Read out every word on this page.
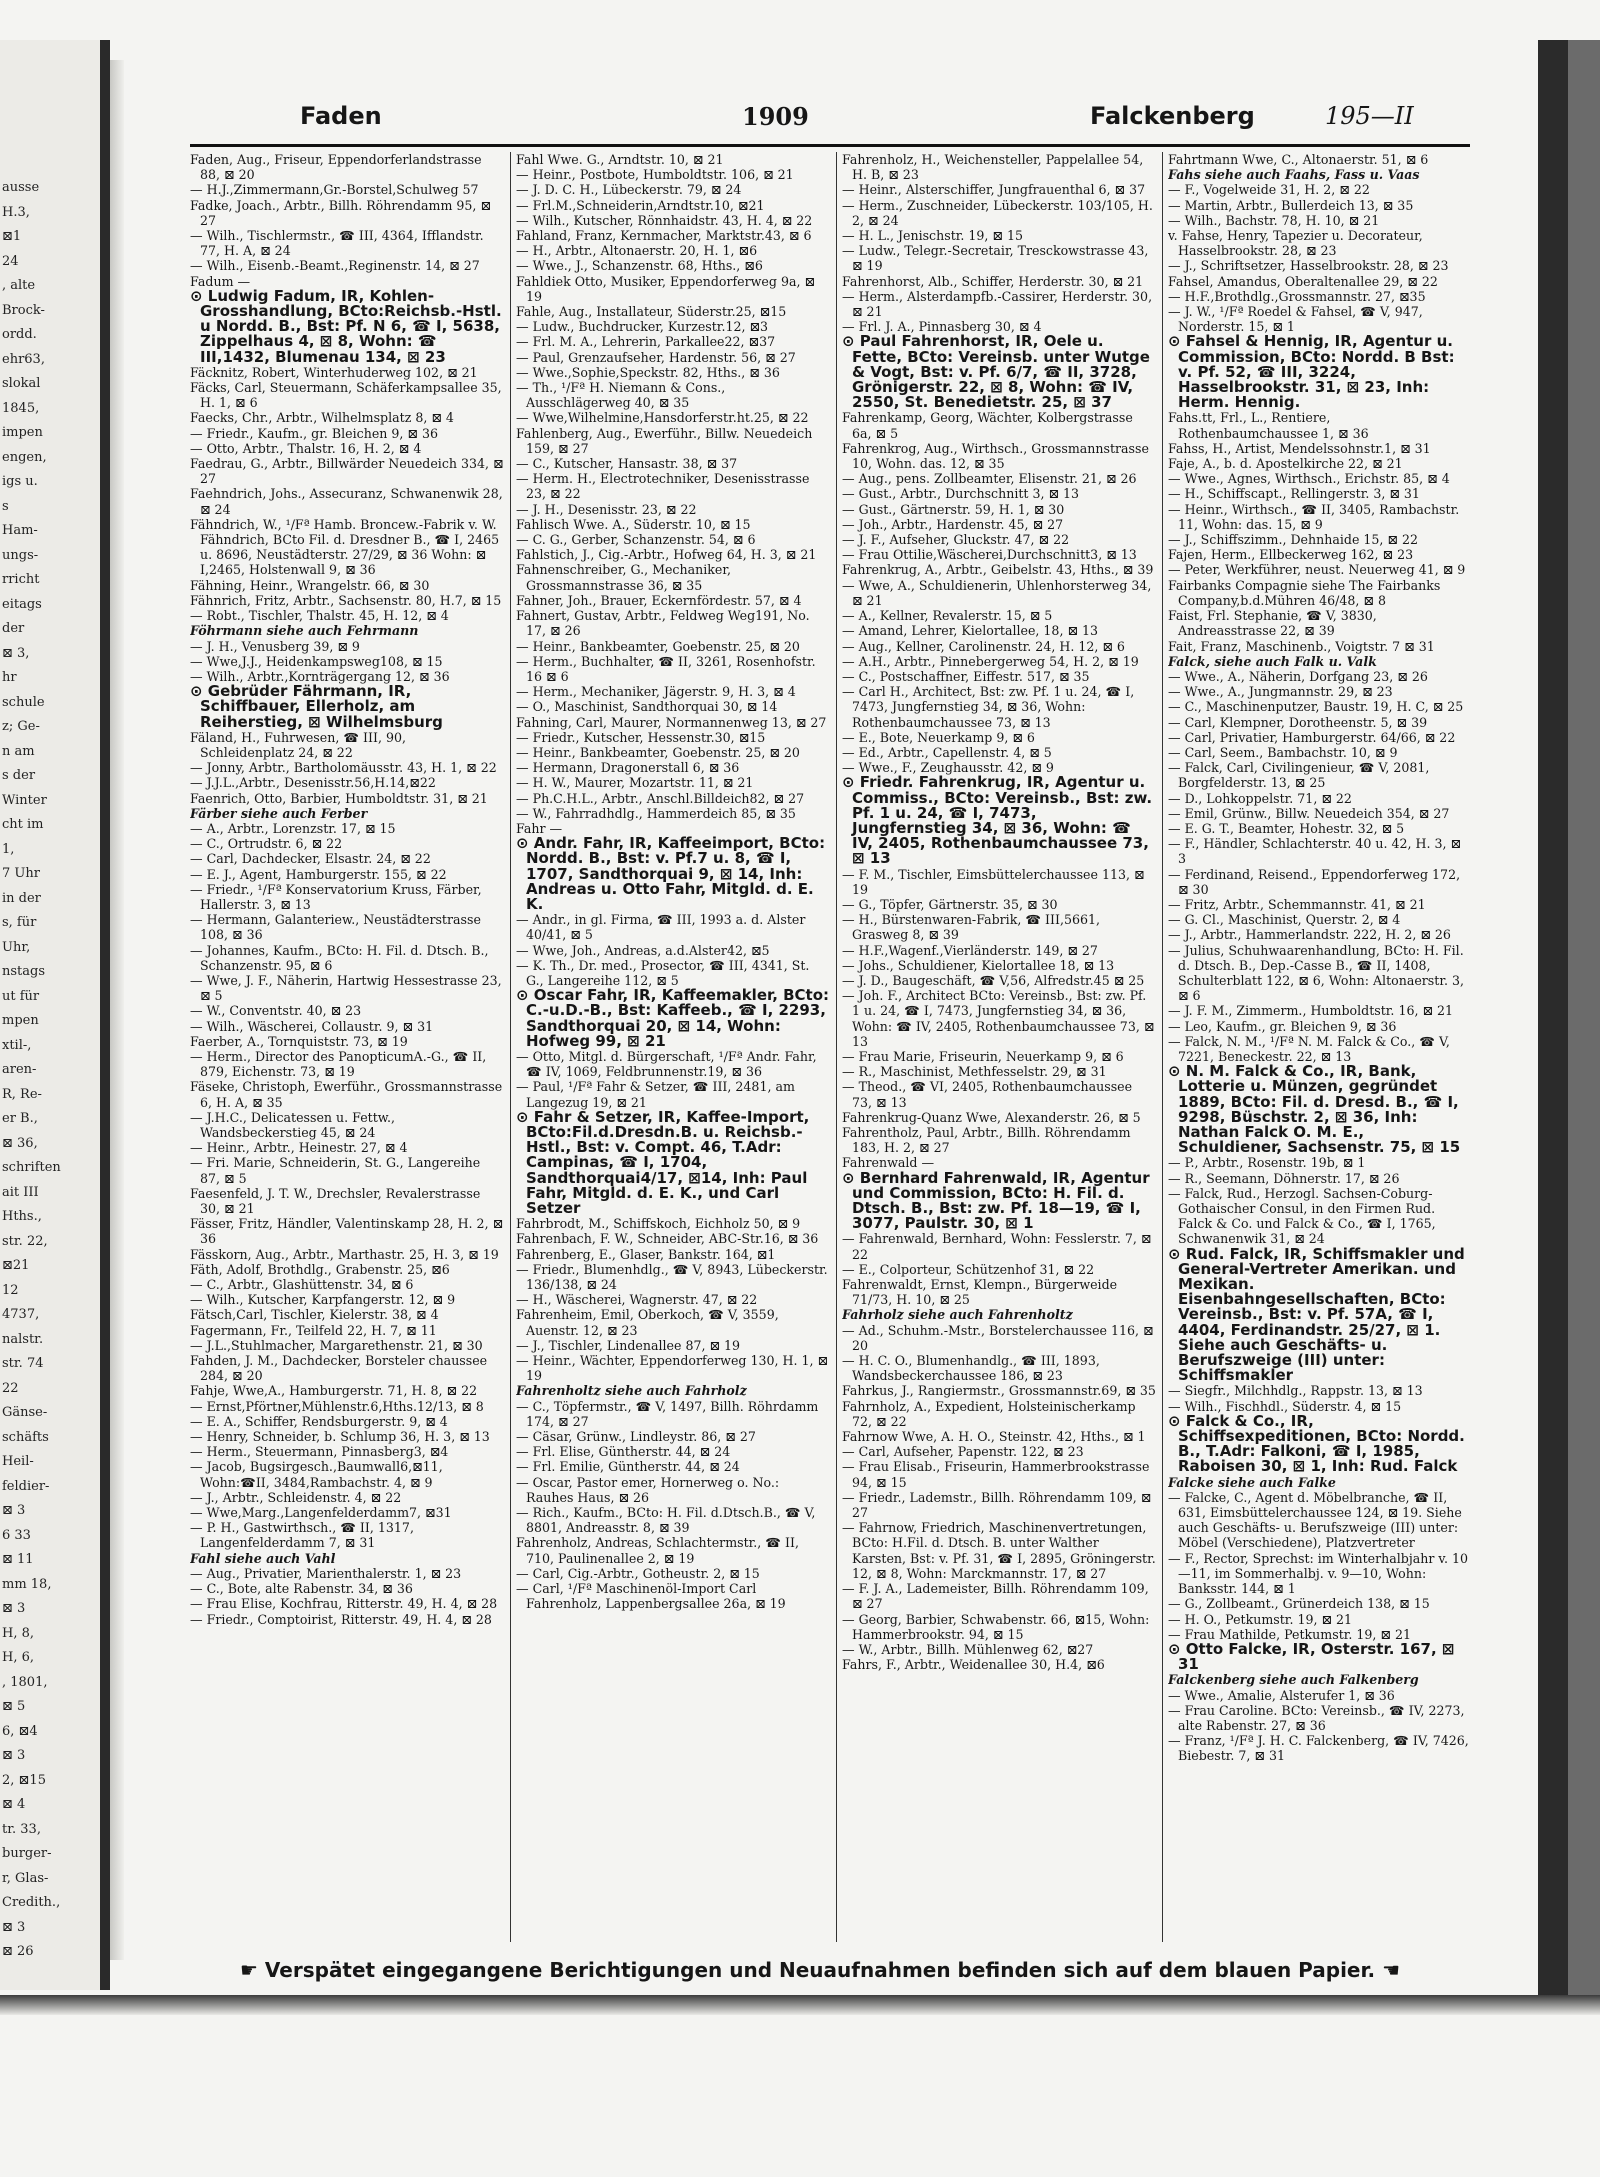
ausse
H.3,
⊠1
24
, alte
Brock-
ordd.
ehr63,
slokal
1845,
impen
engen,
igs u.
s
Ham-
ungs-
rricht
eitags
der
⊠ 3,
hr
schule
z; Ge-
n am
s der
Winter
cht im
1,
7 Uhr
in der
s, für
Uhr,
nstags
ut für
mpen
xtil-,
aren-
R, Re-
er B.,
⊠ 36,
schriften
ait III
Hths.,
str. 22,
⊠21
12
4737,
nalstr.
str. 74
22
Gänse-
schäfts
Heil-
feldier-
⊠ 3
6 33
⊠ 11
mm 18,
⊠ 3
H, 8,
H, 6,
, 1801,
⊠ 5
6, ⊠4
⊠ 3
2, ⊠15
⊠ 4
tr. 33,
burger-
r, Glas-
Credith.,
⊠ 3
⊠ 26
Faden	1909	Falckenberg	195—II

Faden, Aug., Friseur, Eppendorferlandstrasse 88, ⊠ 20

— H.J.,Zimmermann,Gr.-Borstel,Schulweg 57

Fadke, Joach., Arbtr., Billh. Röhrendamm 95, ⊠ 27

— Wilh., Tischlermstr., ☎ III, 4364, Ifflandstr. 77, H. A, ⊠ 24

— Wilh., Eisenb.-Beamt.,Reginenstr. 14, ⊠ 27

Fadum —

⊙ Ludwig Fadum, IR, Kohlen-Grosshandlung, BCto:Reichsb.-Hstl. u Nordd. B., Bst: Pf. N 6, ☎ I, 5638, Zippelhaus 4, ⊠ 8, Wohn: ☎ III,1432, Blumenau 134, ⊠ 23

Fäcknitz, Robert, Winterhuderweg 102, ⊠ 21

Fäcks, Carl, Steuermann, Schäferkampsallee 35, H. 1, ⊠ 6

Faecks, Chr., Arbtr., Wilhelmsplatz 8, ⊠ 4

— Friedr., Kaufm., gr. Bleichen 9, ⊠ 36

— Otto, Arbtr., Thalstr. 16, H. 2, ⊠ 4

Faedrau, G., Arbtr., Billwärder Neuedeich 334, ⊠ 27

Faehndrich, Johs., Assecuranz, Schwanenwik 28, ⊠ 24

Fähndrich, W., ¹/Fª Hamb. Broncew.-Fabrik v. W. Fähndrich, BCto Fil. d. Dresdner B., ☎ I, 2465 u. 8696, Neustädterstr. 27/29, ⊠ 36 Wohn: ⊠ I,2465, Holstenwall 9, ⊠ 36

Fähning, Heinr., Wrangelstr. 66, ⊠ 30

Fähnrich, Fritz, Arbtr., Sachsenstr. 80, H.7, ⊠ 15

— Robt., Tischler, Thalstr. 45, H. 12, ⊠ 4

Föhrmann siehe auch Fehrmann

— J. H., Venusberg 39, ⊠ 9

— Wwe,J.J., Heidenkampsweg108, ⊠ 15

— Wilh., Arbtr.,Kornträgergang 12, ⊠ 36

⊙ Gebrüder Fährmann, IR, Schiffbauer, Ellerholz, am Reiherstieg, ⊠ Wilhelmsburg

Fäland, H., Fuhrwesen, ☎ III, 90, Schleidenplatz 24, ⊠ 22

— Jonny, Arbtr., Bartholomäusstr. 43, H. 1, ⊠ 22

— J.J.L.,Arbtr., Desenisstr.56,H.14,⊠22

Faenrich, Otto, Barbier, Humboldtstr. 31, ⊠ 21

Färber siehe auch Ferber

— A., Arbtr., Lorenzstr. 17, ⊠ 15

— C., Ortrudstr. 6, ⊠ 22

— Carl, Dachdecker, Elsastr. 24, ⊠ 22

— E. J., Agent, Hamburgerstr. 155, ⊠ 22

— Friedr., ¹/Fª Konservatorium Kruss, Färber, Hallerstr. 3, ⊠ 13

— Hermann, Galanteriew., Neustädterstrasse 108, ⊠ 36

— Johannes, Kaufm., BCto: H. Fil. d. Dtsch. B., Schanzenstr. 95, ⊠ 6

— Wwe, J. F., Näherin, Hartwig Hessestrasse 23, ⊠ 5

— W., Conventstr. 40, ⊠ 23

— Wilh., Wäscherei, Collaustr. 9, ⊠ 31

Faerber, A., Tornquiststr. 73, ⊠ 19

— Herm., Director des PanopticumA.-G., ☎ II, 879, Eichenstr. 73, ⊠ 19

Fäseke, Christoph, Ewerführ., Grossmannstrasse 6, H. A, ⊠ 35

— J.H.C., Delicatessen u. Fettw., Wandsbeckerstieg 45, ⊠ 24

— Heinr., Arbtr., Heinestr. 27, ⊠ 4

— Fri. Marie, Schneiderin, St. G., Langereihe 87, ⊠ 5

Faesenfeld, J. T. W., Drechsler, Revalerstrasse 30, ⊠ 21

Fässer, Fritz, Händler, Valentinskamp 28, H. 2, ⊠ 36

Fässkorn, Aug., Arbtr., Marthastr. 25, H. 3, ⊠ 19

Fäth, Adolf, Brothdlg., Grabenstr. 25, ⊠6

— C., Arbtr., Glashüttenstr. 34, ⊠ 6

— Wilh., Kutscher, Karpfangerstr. 12, ⊠ 9

Fätsch,Carl, Tischler, Kielerstr. 38, ⊠ 4

Fagermann, Fr., Teilfeld 22, H. 7, ⊠ 11

— J.L.,Stuhlmacher, Margarethenstr. 21, ⊠ 30

Fahden, J. M., Dachdecker, Borsteler chaussee 284, ⊠ 20

Fahje, Wwe,A., Hamburgerstr. 71, H. 8, ⊠ 22

— Ernst,Pförtner,Mühlenstr.6,Hths.12/13, ⊠ 8

— E. A., Schiffer, Rendsburgerstr. 9, ⊠ 4

— Henry, Schneider, b. Schlump 36, H. 3, ⊠ 13

— Herm., Steuermann, Pinnasberg3, ⊠4

— Jacob, Bugsirgesch.,Baumwall6,⊠11, Wohn:☎II, 3484,Rambachstr. 4, ⊠ 9

— J., Arbtr., Schleidenstr. 4, ⊠ 22

— Wwe,Marg.,Langenfelderdamm7, ⊠31

— P. H., Gastwirthsch., ☎ II, 1317, Langenfelderdamm 7, ⊠ 31

Fahl siehe auch Vahl

— Aug., Privatier, Marienthalerstr. 1, ⊠ 23

— C., Bote, alte Rabenstr. 34, ⊠ 36

— Frau Elise, Kochfrau, Ritterstr. 49, H. 4, ⊠ 28

— Friedr., Comptoirist, Ritterstr. 49, H. 4, ⊠ 28

Fahl Wwe. G., Arndtstr. 10, ⊠ 21

— Heinr., Postbote, Humboldtstr. 106, ⊠ 21

— J. D. C. H., Lübeckerstr. 79, ⊠ 24

— Frl.M.,Schneiderin,Arndtstr.10, ⊠21

— Wilh., Kutscher, Rönnhaidstr. 43, H. 4, ⊠ 22

Fahland, Franz, Kernmacher, Marktstr.43, ⊠ 6

— H., Arbtr., Altonaerstr. 20, H. 1, ⊠6

— Wwe., J., Schanzenstr. 68, Hths., ⊠6

Fahldiek Otto, Musiker, Eppendorferweg 9a, ⊠ 19

Fahle, Aug., Installateur, Süderstr.25, ⊠15

— Ludw., Buchdrucker, Kurzestr.12, ⊠3

— Frl. M. A., Lehrerin, Parkallee22, ⊠37

— Paul, Grenzaufseher, Hardenstr. 56, ⊠ 27

— Wwe.,Sophie,Speckstr. 82, Hths., ⊠ 36

— Th., ¹/Fª H. Niemann & Cons., Ausschlägerweg 40, ⊠ 35

— Wwe,Wilhelmine,Hansdorferstr.ht.25, ⊠ 22

Fahlenberg, Aug., Ewerführ., Billw. Neuedeich 159, ⊠ 27

— C., Kutscher, Hansastr. 38, ⊠ 37

— Herm. H., Electrotechniker, Desenisstrasse 23, ⊠ 22

— J. H., Desenisstr. 23, ⊠ 22

Fahlisch Wwe. A., Süderstr. 10, ⊠ 15

— C. G., Gerber, Schanzenstr. 54, ⊠ 6

Fahlstich, J., Cig.-Arbtr., Hofweg 64, H. 3, ⊠ 21

Fahnenschreiber, G., Mechaniker, Grossmannstrasse 36, ⊠ 35

Fahner, Joh., Brauer, Eckernfördestr. 57, ⊠ 4

Fahnert, Gustav, Arbtr., Feldweg Weg191, No. 17, ⊠ 26

— Heinr., Bankbeamter, Goebenstr. 25, ⊠ 20

— Herm., Buchhalter, ☎ II, 3261, Rosenhofstr. 16 ⊠ 6

— Herm., Mechaniker, Jägerstr. 9, H. 3, ⊠ 4

— O., Maschinist, Sandthorquai 30, ⊠ 14

Fahning, Carl, Maurer, Normannenweg 13, ⊠ 27

— Friedr., Kutscher, Hessenstr.30, ⊠15

— Heinr., Bankbeamter, Goebenstr. 25, ⊠ 20

— Hermann, Dragonerstall 6, ⊠ 36

— H. W., Maurer, Mozartstr. 11, ⊠ 21

— Ph.C.H.L., Arbtr., Anschl.Billdeich82, ⊠ 27

— W., Fahrradhdlg., Hammerdeich 85, ⊠ 35

Fahr —

⊙ Andr. Fahr, IR, Kaffeeimport, BCto: Nordd. B., Bst: v. Pf.7 u. 8, ☎ I, 1707, Sandthorquai 9, ⊠ 14, Inh: Andreas u. Otto Fahr, Mitgld. d. E. K.

— Andr., in gl. Firma, ☎ III, 1993 a. d. Alster 40/41, ⊠ 5

— Wwe, Joh., Andreas, a.d.Alster42, ⊠5

— K. Th., Dr. med., Prosector, ☎ III, 4341, St. G., Langereihe 112, ⊠ 5

⊙ Oscar Fahr, IR, Kaffeemakler, BCto: C.-u.D.-B., Bst: Kaffeeb., ☎ I, 2293, Sandthorquai 20, ⊠ 14, Wohn: Hofweg 99, ⊠ 21

— Otto, Mitgl. d. Bürgerschaft, ¹/Fª Andr. Fahr, ☎ IV, 1069, Feldbrunnenstr.19, ⊠ 36

— Paul, ¹/Fª Fahr & Setzer, ☎ III, 2481, am Langezug 19, ⊠ 21

⊙ Fahr & Setzer, IR, Kaffee-Import, BCto:Fil.d.Dresdn.B. u. Reichsb.-Hstl., Bst: v. Compt. 46, T.Adr: Campinas, ☎ I, 1704, Sandthorquai4/17, ⊠14, Inh: Paul Fahr, Mitgld. d. E. K., und Carl Setzer

Fahrbrodt, M., Schiffskoch, Eichholz 50, ⊠ 9

Fahrenbach, F. W., Schneider, ABC-Str.16, ⊠ 36

Fahrenberg, E., Glaser, Bankstr. 164, ⊠1

— Friedr., Blumenhdlg., ☎ V, 8943, Lübeckerstr. 136/138, ⊠ 24

— H., Wäscherei, Wagnerstr. 47, ⊠ 22

Fahrenheim, Emil, Oberkoch, ☎ V, 3559, Auenstr. 12, ⊠ 23

— J., Tischler, Lindenallee 87, ⊠ 19

— Heinr., Wächter, Eppendorferweg 130, H. 1, ⊠ 19

Fahrenholtz siehe auch Fahrholz

— C., Töpfermstr., ☎ V, 1497, Billh. Röhrdamm 174, ⊠ 27

— Cäsar, Grünw., Lindleystr. 86, ⊠ 27

— Frl. Elise, Güntherstr. 44, ⊠ 24

— Frl. Emilie, Güntherstr. 44, ⊠ 24

— Oscar, Pastor emer, Hornerweg o. No.: Rauhes Haus, ⊠ 26

— Rich., Kaufm., BCto: H. Fil. d.Dtsch.B., ☎ V, 8801, Andreasstr. 8, ⊠ 39

Fahrenholz, Andreas, Schlachtermstr., ☎ II, 710, Paulinenallee 2, ⊠ 19

— Carl, Cig.-Arbtr., Gotheustr. 2, ⊠ 15

— Carl, ¹/Fª Maschinenöl-Import Carl Fahrenholz, Lappenbergsallee 26a, ⊠ 19

Fahrenholz, H., Weichensteller, Pappelallee 54, H. B, ⊠ 23

— Heinr., Alsterschiffer, Jungfrauenthal 6, ⊠ 37

— Herm., Zuschneider, Lübeckerstr. 103/105, H. 2, ⊠ 24

— H. L., Jenischstr. 19, ⊠ 15

— Ludw., Telegr.-Secretair, Tresckowstrasse 43, ⊠ 19

Fahrenhorst, Alb., Schiffer, Herderstr. 30, ⊠ 21

— Herm., Alsterdampfb.-Cassirer, Herderstr. 30, ⊠ 21

— Frl. J. A., Pinnasberg 30, ⊠ 4

⊙ Paul Fahrenhorst, IR, Oele u. Fette, BCto: Vereinsb. unter Wutge & Vogt, Bst: v. Pf. 6/7, ☎ II, 3728, Grönigerstr. 22, ⊠ 8, Wohn: ☎ IV, 2550, St. Benedietstr. 25, ⊠ 37

Fahrenkamp, Georg, Wächter, Kolbergstrasse 6a, ⊠ 5

Fahrenkrog, Aug., Wirthsch., Grossmannstrasse 10, Wohn. das. 12, ⊠ 35

— Aug., pens. Zollbeamter, Elisenstr. 21, ⊠ 26

— Gust., Arbtr., Durchschnitt 3, ⊠ 13

— Gust., Gärtnerstr. 59, H. 1, ⊠ 30

— Joh., Arbtr., Hardenstr. 45, ⊠ 27

— J. F., Aufseher, Gluckstr. 47, ⊠ 22

— Frau Ottilie,Wäscherei,Durchschnitt3, ⊠ 13

Fahrenkrug, A., Arbtr., Geibelstr. 43, Hths., ⊠ 39

— Wwe, A., Schuldienerin, Uhlenhorsterweg 34, ⊠ 21

— A., Kellner, Revalerstr. 15, ⊠ 5

— Amand, Lehrer, Kielortallee, 18, ⊠ 13

— Aug., Kellner, Carolinenstr. 24, H. 12, ⊠ 6

— A.H., Arbtr., Pinnebergerweg 54, H. 2, ⊠ 19

— C., Postschaffner, Eiffestr. 517, ⊠ 35

— Carl H., Architect, Bst: zw. Pf. 1 u. 24, ☎ I, 7473, Jungfernstieg 34, ⊠ 36, Wohn: Rothenbaumchaussee 73, ⊠ 13

— E., Bote, Neuerkamp 9, ⊠ 6

— Ed., Arbtr., Capellenstr. 4, ⊠ 5

— Wwe., F., Zeughausstr. 42, ⊠ 9

⊙ Friedr. Fahrenkrug, IR, Agentur u. Commiss., BCto: Vereinsb., Bst: zw. Pf. 1 u. 24, ☎ I, 7473, Jungfernstieg 34, ⊠ 36, Wohn: ☎ IV, 2405, Rothenbaumchaussee 73, ⊠ 13

— F. M., Tischler, Eimsbüttelerchaussee 113, ⊠ 19

— G., Töpfer, Gärtnerstr. 35, ⊠ 30

— H., Bürstenwaren-Fabrik, ☎ III,5661, Grasweg 8, ⊠ 39

— H.F.,Wagenf.,Vierländerstr. 149, ⊠ 27

— Johs., Schuldiener, Kielortallee 18, ⊠ 13

— J. D., Baugeschäft, ☎ V,56, Alfredstr.45 ⊠ 25

— Joh. F., Architect BCto: Vereinsb., Bst: zw. Pf. 1 u. 24, ☎ I, 7473, Jungfernstieg 34, ⊠ 36, Wohn: ☎ IV, 2405, Rothenbaumchaussee 73, ⊠ 13

— Frau Marie, Friseurin, Neuerkamp 9, ⊠ 6

— R., Maschinist, Methfesselstr. 29, ⊠ 31

— Theod., ☎ VI, 2405, Rothenbaumchaussee 73, ⊠ 13

Fahrenkrug-Quanz Wwe, Alexanderstr. 26, ⊠ 5

Fahrentholz, Paul, Arbtr., Billh. Röhrendamm 183, H. 2, ⊠ 27

Fahrenwald —

⊙ Bernhard Fahrenwald, IR, Agentur und Commission, BCto: H. Fil. d. Dtsch. B., Bst: zw. Pf. 18—19, ☎ I, 3077, Paulstr. 30, ⊠ 1

— Fahrenwald, Bernhard, Wohn: Fesslerstr. 7, ⊠ 22

— E., Colporteur, Schützenhof 31, ⊠ 22

Fahrenwaldt, Ernst, Klempn., Bürgerweide 71/73, H. 10, ⊠ 25

Fahrholz siehe auch Fahrenholtz

— Ad., Schuhm.-Mstr., Borstelerchaussee 116, ⊠ 20

— H. C. O., Blumenhandlg., ☎ III, 1893, Wandsbeckerchaussee 186, ⊠ 23

Fahrkus, J., Rangiermstr., Grossmannstr.69, ⊠ 35

Fahrnholz, A., Expedient, Holsteinischerkamp 72, ⊠ 22

Fahrnow Wwe, A. H. O., Steinstr. 42, Hths., ⊠ 1

— Carl, Aufseher, Papenstr. 122, ⊠ 23

— Frau Elisab., Friseurin, Hammerbrookstrasse 94, ⊠ 15

— Friedr., Lademstr., Billh. Röhrendamm 109, ⊠ 27

— Fahrnow, Friedrich, Maschinenvertretungen, BCto: H.Fil. d. Dtsch. B. unter Walther Karsten, Bst: v. Pf. 31, ☎ I, 2895, Gröningerstr. 12, ⊠ 8, Wohn: Marckmannstr. 17, ⊠ 27

— F. J. A., Lademeister, Billh. Röhrendamm 109, ⊠ 27

— Georg, Barbier, Schwabenstr. 66, ⊠15, Wohn: Hammerbrookstr. 94, ⊠ 15

— W., Arbtr., Billh. Mühlenweg 62, ⊠27

Fahrs, F., Arbtr., Weidenallee 30, H.4, ⊠6

Fahrtmann Wwe, C., Altonaerstr. 51, ⊠ 6

Fahs siehe auch Faahs, Fass u. Vaas

— F., Vogelweide 31, H. 2, ⊠ 22

— Martin, Arbtr., Bullerdeich 13, ⊠ 35

— Wilh., Bachstr. 78, H. 10, ⊠ 21

v. Fahse, Henry, Tapezier u. Decorateur, Hasselbrookstr. 28, ⊠ 23

— J., Schriftsetzer, Hasselbrookstr. 28, ⊠ 23

Fahsel, Amandus, Oberaltenallee 29, ⊠ 22

— H.F.,Brothdlg.,Grossmannstr. 27, ⊠35

— J. W., ¹/Fª Roedel & Fahsel, ☎ V, 947, Norderstr. 15, ⊠ 1

⊙ Fahsel & Hennig, IR, Agentur u. Commission, BCto: Nordd. B Bst: v. Pf. 52, ☎ III, 3224, Hasselbrookstr. 31, ⊠ 23, Inh: Herm. Hennig.

Fahs.tt, Frl., L., Rentiere, Rothenbaumchaussee 1, ⊠ 36

Fahss, H., Artist, Mendelssohnstr.1, ⊠ 31

Faje, A., b. d. Apostelkirche 22, ⊠ 21

— Wwe., Agnes, Wirthsch., Erichstr. 85, ⊠ 4

— H., Schiffscapt., Rellingerstr. 3, ⊠ 31

— Heinr., Wirthsch., ☎ II, 3405, Rambachstr. 11, Wohn: das. 15, ⊠ 9

— J., Schiffszimm., Dehnhaide 15, ⊠ 22

Fajen, Herm., Ellbeckerweg 162, ⊠ 23

— Peter, Werkführer, neust. Neuerweg 41, ⊠ 9

Fairbanks Compagnie siehe The Fairbanks Company,b.d.Mühren 46/48, ⊠ 8

Faist, Frl. Stephanie, ☎ V, 3830, Andreasstrasse 22, ⊠ 39

Fait, Franz, Maschinenb., Voigtstr. 7 ⊠ 31

Falck, siehe auch Falk u. Valk

— Wwe., A., Näherin, Dorfgang 23, ⊠ 26

— Wwe., A., Jungmannstr. 29, ⊠ 23

— C., Maschinenputzer, Baustr. 19, H. C, ⊠ 25

— Carl, Klempner, Dorotheenstr. 5, ⊠ 39

— Carl, Privatier, Hamburgerstr. 64/66, ⊠ 22

— Carl, Seem., Bambachstr. 10, ⊠ 9

— Falck, Carl, Civilingenieur, ☎ V, 2081, Borgfelderstr. 13, ⊠ 25

— D., Lohkoppelstr. 71, ⊠ 22

— Emil, Grünw., Billw. Neuedeich 354, ⊠ 27

— E. G. T., Beamter, Hohestr. 32, ⊠ 5

— F., Händler, Schlachterstr. 40 u. 42, H. 3, ⊠ 3

— Ferdinand, Reisend., Eppendorferweg 172, ⊠ 30

— Fritz, Arbtr., Schemmannstr. 41, ⊠ 21

— G. Cl., Maschinist, Querstr. 2, ⊠ 4

— J., Arbtr., Hammerlandstr. 222, H. 2, ⊠ 26

— Julius, Schuhwaarenhandlung, BCto: H. Fil. d. Dtsch. B., Dep.-Casse B., ☎ II, 1408, Schulterblatt 122, ⊠ 6, Wohn: Altonaerstr. 3, ⊠ 6

— J. F. M., Zimmerm., Humboldtstr. 16, ⊠ 21

— Leo, Kaufm., gr. Bleichen 9, ⊠ 36

— Falck, N. M., ¹/Fª N. M. Falck & Co., ☎ V, 7221, Beneckestr. 22, ⊠ 13

⊙ N. M. Falck & Co., IR, Bank, Lotterie u. Münzen, gegründet 1889, BCto: Fil. d. Dresd. B., ☎ I, 9298, Büschstr. 2, ⊠ 36, Inh: Nathan Falck O. M. E., Schuldiener, Sachsenstr. 75, ⊠ 15

— P., Arbtr., Rosenstr. 19b, ⊠ 1

— R., Seemann, Döhnerstr. 17, ⊠ 26

— Falck, Rud., Herzogl. Sachsen-Coburg-Gothaischer Consul, in den Firmen Rud. Falck & Co. und Falck & Co., ☎ I, 1765, Schwanenwik 31, ⊠ 24

⊙ Rud. Falck, IR, Schiffsmakler und General-Vertreter Amerikan. und Mexikan. Eisenbahngesellschaften, BCto: Vereinsb., Bst: v. Pf. 57A, ☎ I, 4404, Ferdinandstr. 25/27, ⊠ 1. Siehe auch Geschäfts- u. Berufszweige (III) unter: Schiffsmakler

— Siegfr., Milchhdlg., Rappstr. 13, ⊠ 13

— Wilh., Fischhdl., Süderstr. 4, ⊠ 15

⊙ Falck & Co., IR, Schiffsexpeditionen, BCto: Nordd. B., T.Adr: Falkoni, ☎ I, 1985, Raboisen 30, ⊠ 1, Inh: Rud. Falck

Falcke siehe auch Falke

— Falcke, C., Agent d. Möbelbranche, ☎ II, 631, Eimsbüttelerchaussee 124, ⊠ 19. Siehe auch Geschäfts- u. Berufszweige (III) unter: Möbel (Verschiedene), Platzvertreter

— F., Rector, Sprechst: im Winterhalbjahr v. 10—11, im Sommerhalbj. v. 9—10, Wohn: Banksstr. 144, ⊠ 1

— G., Zollbeamt., Grünerdeich 138, ⊠ 15

— H. O., Petkumstr. 19, ⊠ 21

— Frau Mathilde, Petkumstr. 19, ⊠ 21

⊙ Otto Falcke, IR, Osterstr. 167, ⊠ 31

Falckenberg siehe auch Falkenberg

— Wwe., Amalie, Alsterufer 1, ⊠ 36

— Frau Caroline. BCto: Vereinsb., ☎ IV, 2273, alte Rabenstr. 27, ⊠ 36

— Franz, ¹/Fª J. H. C. Falckenberg, ☎ IV, 7426, Biebestr. 7, ⊠ 31

☛ Verspätet eingegangene Berichtigungen und Neuaufnahmen befinden sich auf dem blauen Papier. ☚
